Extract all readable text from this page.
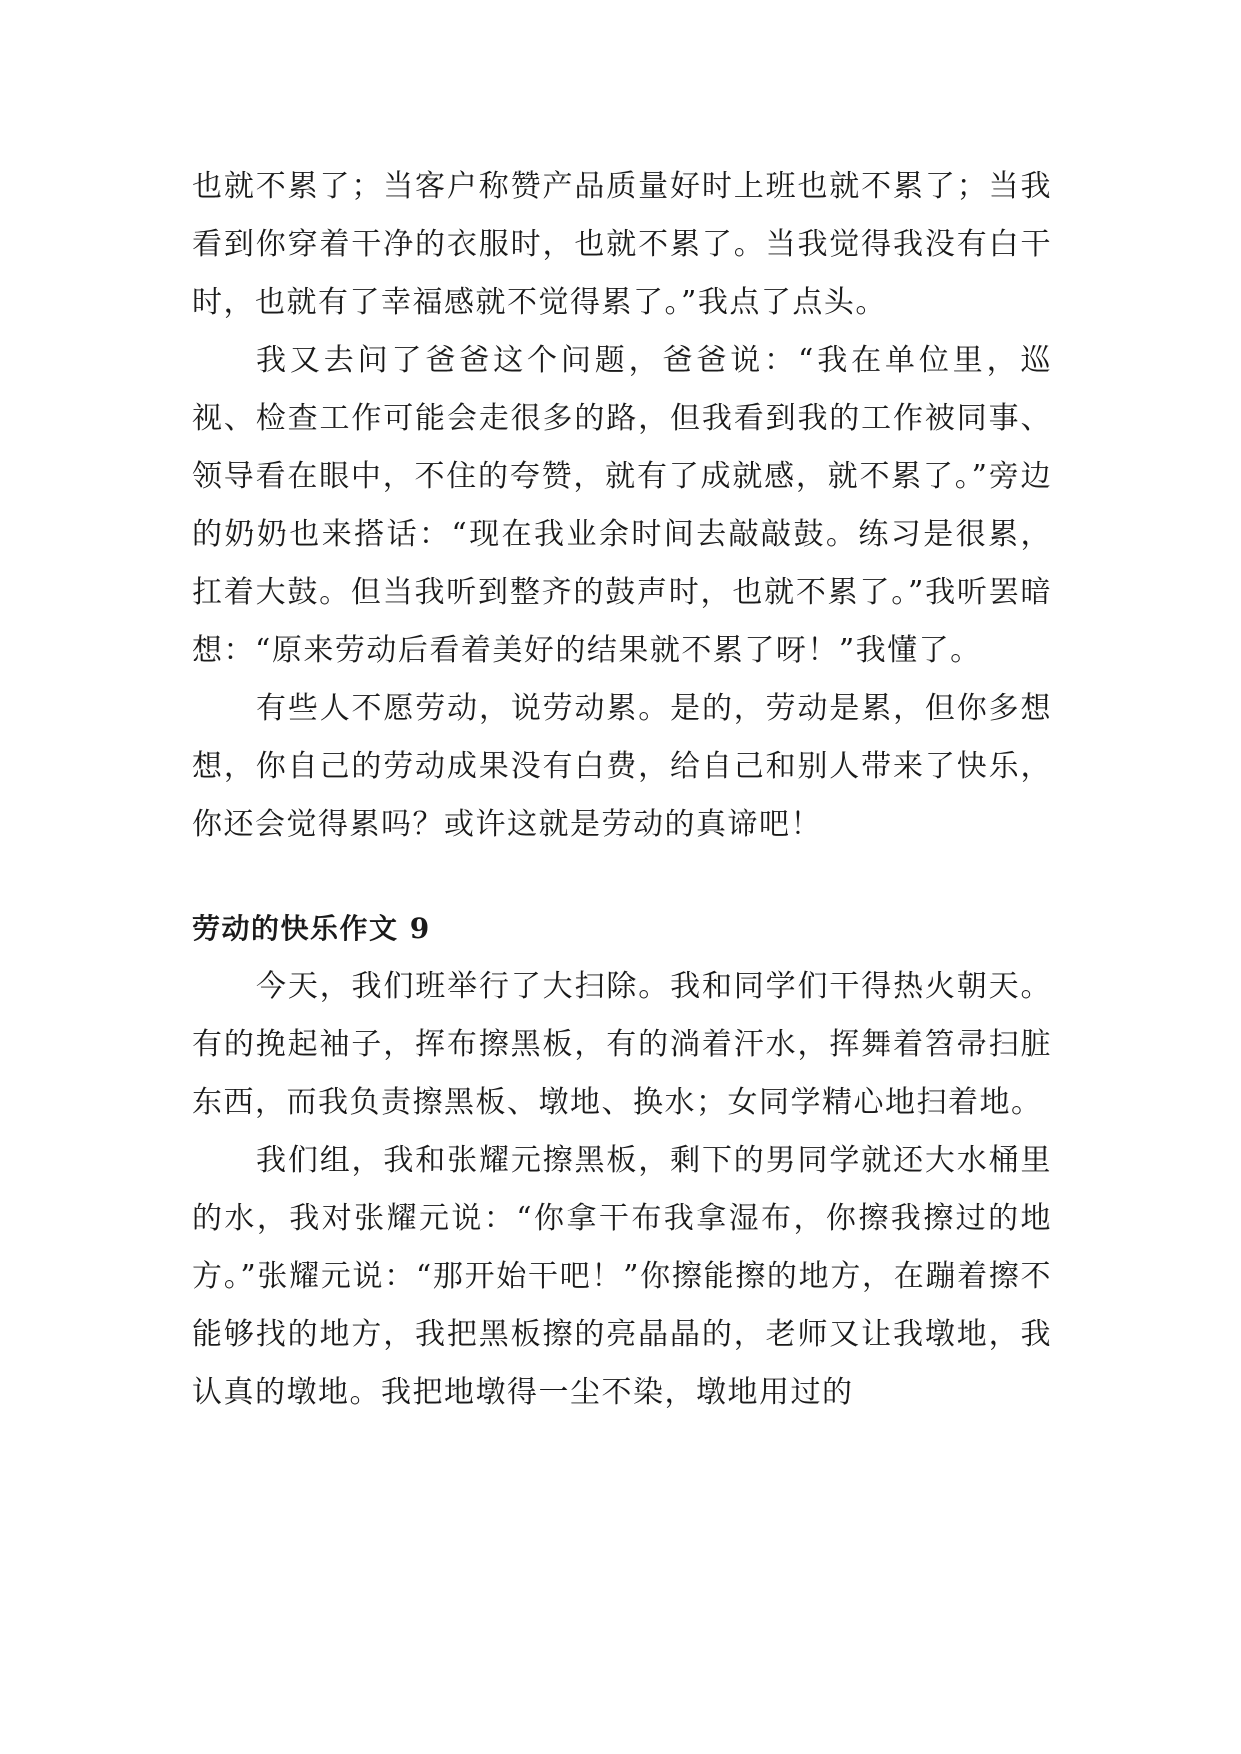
也就不累了；当客户称赞产品质量好时上班也就不累了；当我看到你穿着干净的衣服时，也就不累了。当我觉得我没有白干时，也就有了幸福感就不觉得累了。”我点了点头。

我又去问了爸爸这个问题，爸爸说：“我在单位里，巡视、检查工作可能会走很多的路，但我看到我的工作被同事、领导看在眼中，不住的夸赞，就有了成就感，就不累了。”旁边的奶奶也来搭话：“现在我业余时间去敲敲鼓。练习是很累，扛着大鼓。但当我听到整齐的鼓声时，也就不累了。”我听罢暗想：“原来劳动后看着美好的结果就不累了呀！”我懂了。

有些人不愿劳动，说劳动累。是的，劳动是累，但你多想想，你自己的劳动成果没有白费，给自己和别人带来了快乐，你还会觉得累吗？或许这就是劳动的真谛吧！

劳动的快乐作文 9

今天，我们班举行了大扫除。我和同学们干得热火朝天。有的挽起袖子，挥布擦黑板，有的淌着汗水，挥舞着笤帚扫脏东西，而我负责擦黑板、墩地、换水；女同学精心地扫着地。

我们组，我和张耀元擦黑板，剩下的男同学就还大水桶里的水，我对张耀元说：“你拿干布我拿湿布，你擦我擦过的地方。”张耀元说：“那开始干吧！”你擦能擦的地方，在蹦着擦不能够找的地方，我把黑板擦的亮晶晶的，老师又让我墩地，我认真的墩地。我把地墩得一尘不染，墩地用过的
